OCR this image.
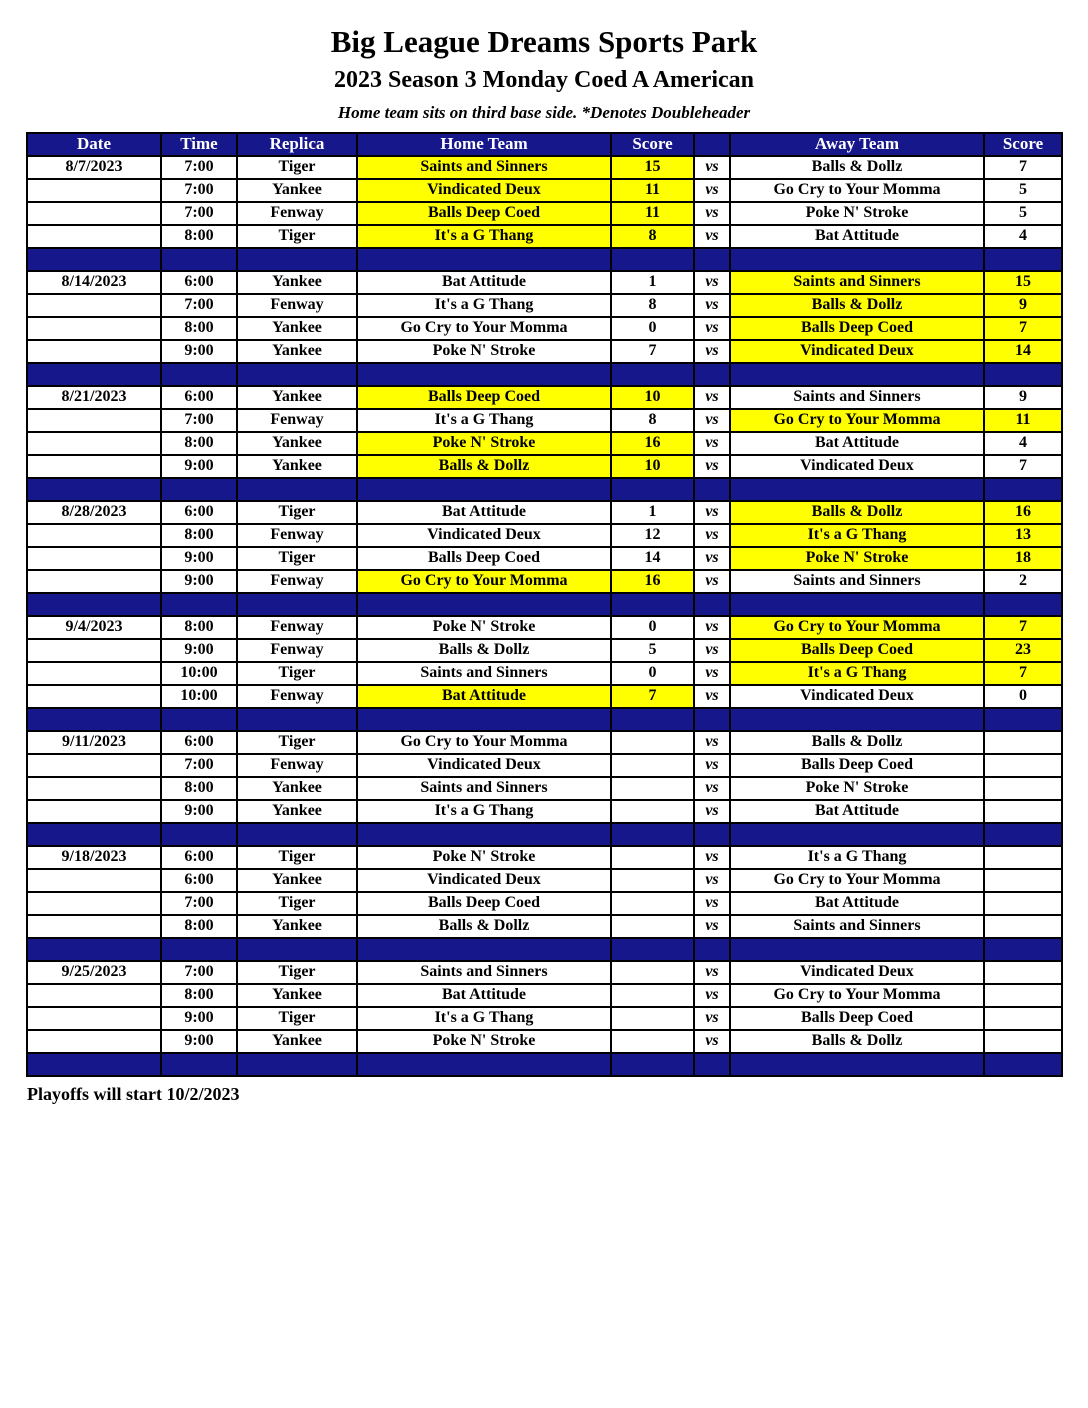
Big League Dreams Sports Park
2023 Season 3 Monday Coed A American
Home team sits on third base side. *Denotes Doubleheader
Date	Time	Replica	Home Team	Score		Away Team	Score
8/7/2023	7:00	Tiger	Saints and Sinners	15	vs	Balls & Dollz	7
	7:00	Yankee	Vindicated Deux	11	vs	Go Cry to Your Momma	5
	7:00	Fenway	Balls Deep Coed	11	vs	Poke N' Stroke	5
	8:00	Tiger	It's a G Thang	8	vs	Bat Attitude	4

8/14/2023	6:00	Yankee	Bat Attitude	1	vs	Saints and Sinners	15
	7:00	Fenway	It's a G Thang	8	vs	Balls & Dollz	9
	8:00	Yankee	Go Cry to Your Momma	0	vs	Balls Deep Coed	7
	9:00	Yankee	Poke N' Stroke	7	vs	Vindicated Deux	14

8/21/2023	6:00	Yankee	Balls Deep Coed	10	vs	Saints and Sinners	9
	7:00	Fenway	It's a G Thang	8	vs	Go Cry to Your Momma	11
	8:00	Yankee	Poke N' Stroke	16	vs	Bat Attitude	4
	9:00	Yankee	Balls & Dollz	10	vs	Vindicated Deux	7

8/28/2023	6:00	Tiger	Bat Attitude	1	vs	Balls & Dollz	16
	8:00	Fenway	Vindicated Deux	12	vs	It's a G Thang	13
	9:00	Tiger	Balls Deep Coed	14	vs	Poke N' Stroke	18
	9:00	Fenway	Go Cry to Your Momma	16	vs	Saints and Sinners	2

9/4/2023	8:00	Fenway	Poke N' Stroke	0	vs	Go Cry to Your Momma	7
	9:00	Fenway	Balls & Dollz	5	vs	Balls Deep Coed	23
	10:00	Tiger	Saints and Sinners	0	vs	It's a G Thang	7
	10:00	Fenway	Bat Attitude	7	vs	Vindicated Deux	0

9/11/2023	6:00	Tiger	Go Cry to Your Momma		vs	Balls & Dollz	
	7:00	Fenway	Vindicated Deux		vs	Balls Deep Coed	
	8:00	Yankee	Saints and Sinners		vs	Poke N' Stroke	
	9:00	Yankee	It's a G Thang		vs	Bat Attitude	

9/18/2023	6:00	Tiger	Poke N' Stroke		vs	It's a G Thang	
	6:00	Yankee	Vindicated Deux		vs	Go Cry to Your Momma	
	7:00	Tiger	Balls Deep Coed		vs	Bat Attitude	
	8:00	Yankee	Balls & Dollz		vs	Saints and Sinners	

9/25/2023	7:00	Tiger	Saints and Sinners		vs	Vindicated Deux	
	8:00	Yankee	Bat Attitude		vs	Go Cry to Your Momma	
	9:00	Tiger	It's a G Thang		vs	Balls Deep Coed	
	9:00	Yankee	Poke N' Stroke		vs	Balls & Dollz	

Playoffs will start 10/2/2023
